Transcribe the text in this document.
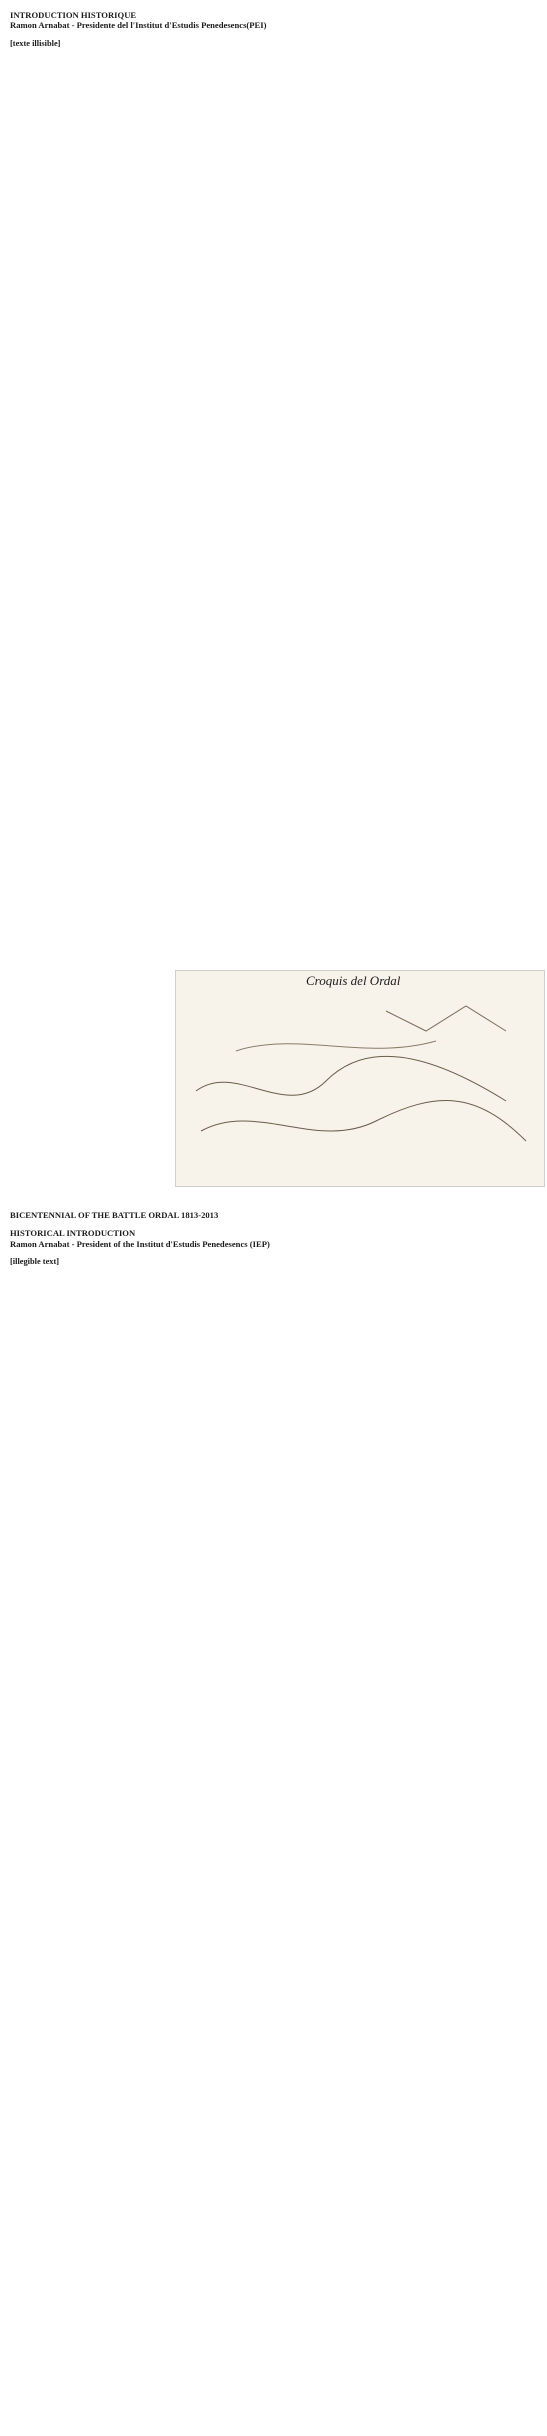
INTRODUCTION HISTORIQUE

Ramon Arnabat - Presidente del l'Institut d'Estudis Penedesencs(PEI)

[texte illisible]

Croquis del Ordal

BICENTENNIAL OF THE BATTLE ORDAL 1813-2013

HISTORICAL INTRODUCTION

Ramon Arnabat - President of the Institut d'Estudis Penedesencs (IEP)

[illegible text]
